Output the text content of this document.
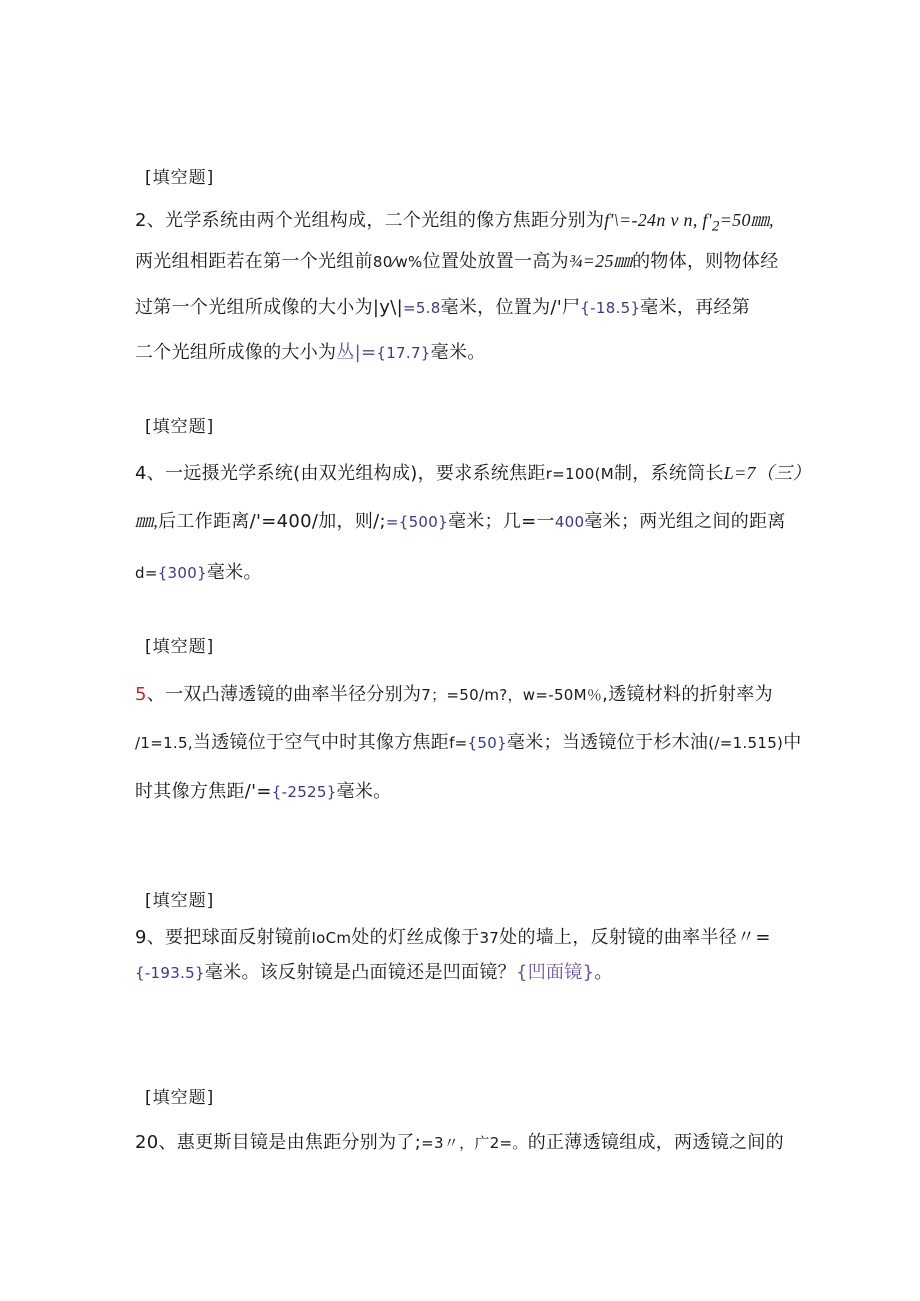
[填空题]
2、光学系统由两个光组构成，二个光组的像方焦距分别为f'\=-24n v n, $f'_2=50㎜$,
两光组相距若在第一个光组前80⁄w%位置处放置一高为¾=25㎜的物体，则物体经
过第一个光组所成像的大小为|y\|=5.8毫米，位置为/'尸{-18.5}毫米，再经第
二个光组所成像的大小为丛|={17.7}毫米。
[填空题]
4、一远摄光学系统(由双光组构成)，要求系统焦距r=100(M制，系统筒长L=7（三）
㎜,后工作距离/'=400/加，则/;={500}毫米；几=一400毫米；两光组之间的距离
d={300}毫米。
[填空题]
5、一双凸薄透镜的曲率半径分别为7；=50/m?，w=-50M％,透镜材料的折射率为
/1=1.5,当透镜位于空气中时其像方焦距f={50}毫米；当透镜位于杉木油(/=1.515)中
时其像方焦距/'={-2525}毫米。
[填空题]
9、要把球面反射镜前IoCm处的灯丝成像于37处的墙上，反射镜的曲率半径〃=
{-193.5}毫米。该反射镜是凸面镜还是凹面镜？{凹面镜}。
[填空题]
20、惠更斯目镜是由焦距分别为了;=3〃，广2=。的正薄透镜组成，两透镜之间的
